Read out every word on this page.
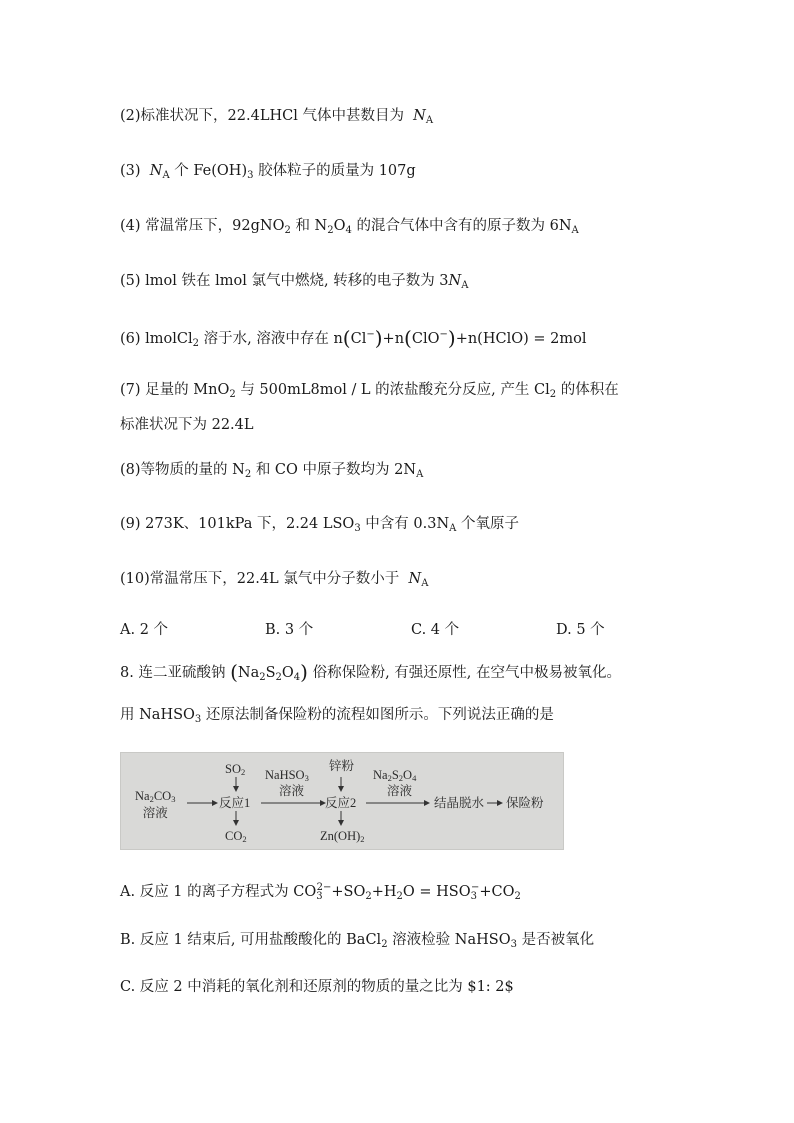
(2)标准状况下，22.4LHCl 气体中甚数目为 $N_A$
(3) $N_A$ 个 $Fe(OH)_3$ 胶体粒子的质量为 107g
(4) 常温常压下，92gNO$_2$ 和 $N_2O_4$ 的混合气体中含有的原子数为 $6N_A$
(5) lmol 铁在 lmol 氯气中燃烧, 转移的电子数为 $3N_A$
(6) lmolCl$_2$ 溶于水, 溶液中存在 n(Cl−)+n(ClO−)+n(HClO) = 2mol
(7) 足量的 MnO$_2$ 与 500mL8mol / L 的浓盐酸充分反应, 产生 $Cl_2$ 的体积在
标准状况下为 22.4L
(8)等物质的量的 $N_2$ 和 CO 中原子数均为 $2N_A$
(9) 273K、101kPa 下，2.24 $LSO_3$ 中含有 $0.3N_A$ 个氧原子
(10)常温常压下，22.4L 氯气中分子数小于 $N_A$
A. 2 个	B. 3 个	C. 4 个	D. 5 个
8. 连二亚硫酸钠 $(Na_2S_2O_4)$ 俗称保险粉, 有强还原性, 在空气中极易被氧化。
用 NaHSO$_3$ 还原法制备保险粉的流程如图所示。下列说法正确的是
$Na_2CO_3$
溶液
$SO_2$
反应1
$CO_2$
NaHSO$_3$
溶液
锌粉
反应2
$Zn(OH)_2$
$Na_2S_2O_4$
溶液
结晶脱水 保险粉
A. 反应 1 的离子方程式为 $CO_3^{2-}+SO_2+H_2O = HSO_3^-+CO_2$
B. 反应 1 结束后, 可用盐酸酸化的 BaCl$_2$ 溶液检验 NaHSO$_3$ 是否被氧化
C. 反应 2 中消耗的氧化剂和还原剂的物质的量之比为 $1: 2$
